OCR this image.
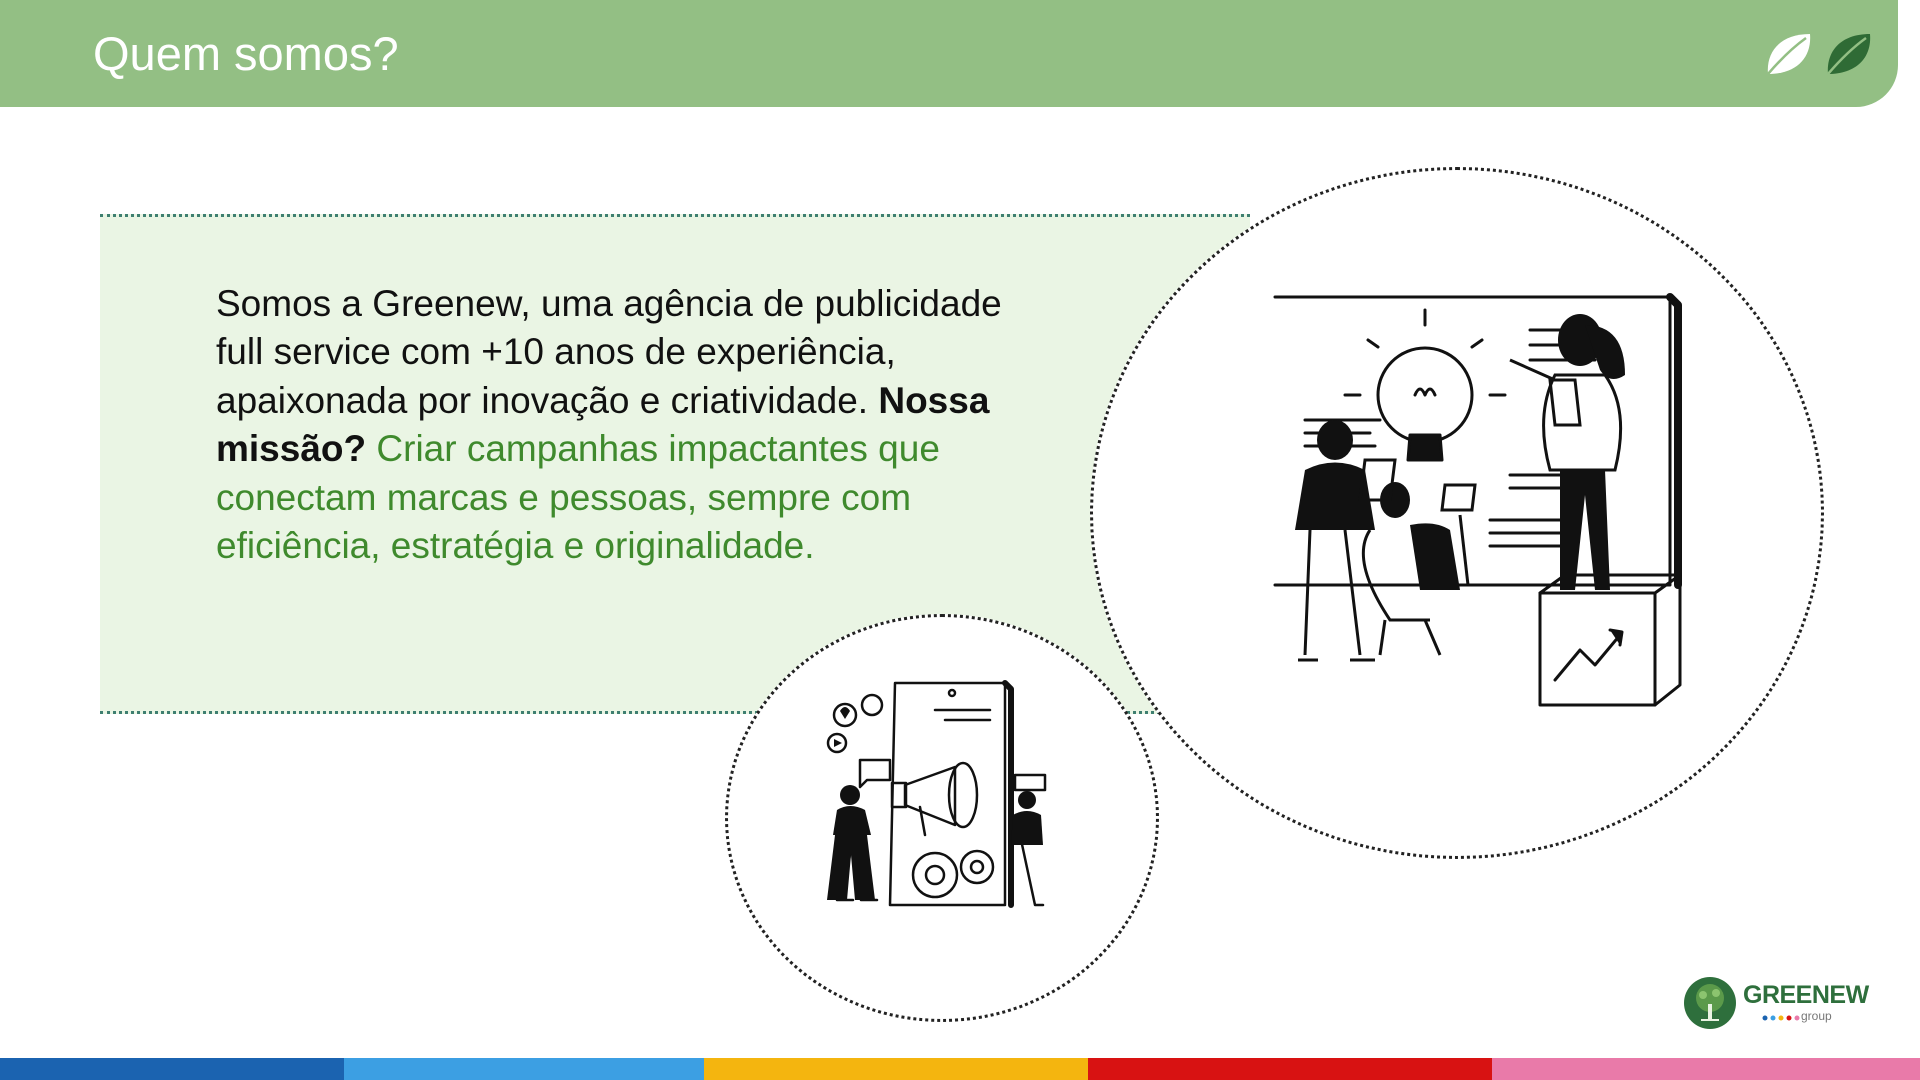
Quem somos?

Somos a Greenew, uma agência de publicidade full service com +10 anos de experiência, apaixonada por inovação e criatividade. Nossa missão? Criar campanhas impactantes que conectam marcas e pessoas, sempre com eficiência, estratégia e originalidade.

GREENEW
group
